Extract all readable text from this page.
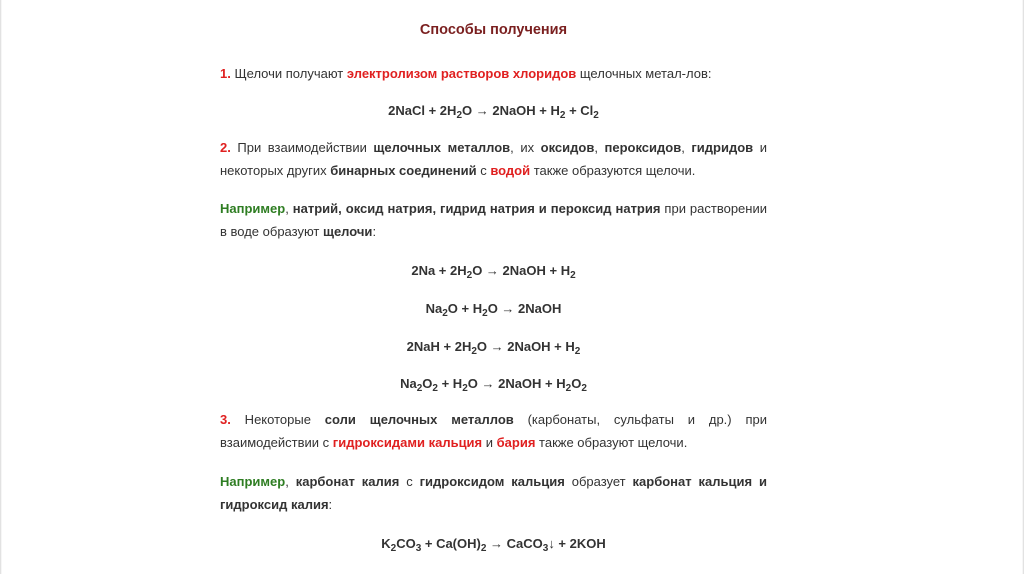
Способы получения
1. Щелочи получают электролизом растворов хлоридов щелочных метал-лов:
2NaCl + $2H_2O$ → 2NaOH + $H_2 + Cl_2$
2. При взаимодействии щелочных металлов, их оксидов, пероксидов, гидридов и некоторых других бинарных соединений с водой также образуются щелочи.
Например, натрий, оксид натрия, гидрид натрия и пероксид натрия при растворении в воде образуют щелочи:
$2Na + 2H_2O$ → 2NaOH + $H_2$
$Na_2O + H_2O$ → 2NaOH
$2NaH + 2H_2O$ → 2NaOH + $H_2$
$Na_2O_2 + H_2O$ → 2NaOH + $H_2O_2$
3. Некоторые соли щелочных металлов (карбонаты, сульфаты и др.) при взаимодействии с гидроксидами кальция и бария также образуют щелочи.
Например, карбонат калия с гидроксидом кальция образует карбонат кальция и гидроксид калия:
$K_2CO_3 + Ca(OH)_2$ → CaCO$_3$↓ + 2KOH
